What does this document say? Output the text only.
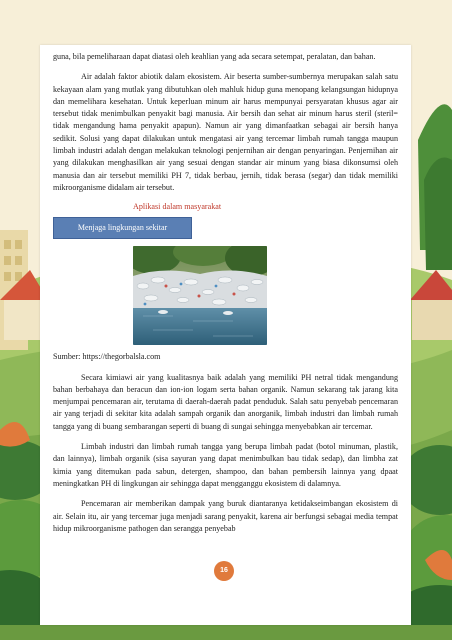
guna, bila pemeliharaan dapat diatasi oleh keahlian yang ada secara setempat, peralatan, dan bahan.

Air adalah faktor abiotik dalam ekosistem. Air beserta sumber-sumbernya merupakan salah satu kekayaan alam yang mutlak yang dibutuhkan oleh mahluk hidup guna menopang kelangsungan hidupnya dan memelihara kesehatan. Untuk keperluan minum air harus mempunyai persyaratan khusus agar air tersebut tidak menimbulkan penyakit bagi manusia. Air bersih dan sehat air minum harus steril (steril= tidak mengandung hama penyakit apapun). Namun air yang dimanfaatkan sebagai air bersih hanya sedikit. Solusi yang dapat dilakukan untuk mengatasi air yang tercemar limbah rumah tangga maupun limbah industri adalah dengan melakukan teknologi penjernihan air dengan penyaringan. Penjernihan air yang dilakukan menghasilkan air yang sesuai dengan standar air minum yang biasa dikonsumsi oleh manusia dan air tersebut memiliki PH 7, tidak berbau, jernih, tidak berasa (segar) dan tidak memiliki mikroorganisme didalam air tersebut.

Aplikasi dalam masyarakat
Menjaga lingkungan sekitar

Sumber: https://thegorbalsla.com

Secara kimiawi air yang kualitasnya baik adalah yang memiliki PH netral tidak mengandung bahan berbahaya dan beracun dan ion-ion logam serta bahan organik. Namun sekarang tak jarang kita menjumpai pencemaran air, terutama di daerah-daerah padat penduduk. Salah satu penyebab pencemaran air yang terjadi di sekitar kita adalah sampah organik dan anorganik, limbah industri dan limbah rumah tangga yang di buang sembarangan seperti di buang di sungai sehingga menyebabkan air tercemar.

Limbah industri dan limbah rumah tangga yang berupa limbah padat (botol minuman, plastik, dan lainnya), limbah organik (sisa sayuran yang dapat menimbulkan bau tidak sedap), dan limbha zat kimia yang ditemukan pada sabun, detergen, shampoo, dan bahan pembersih lainnya yang dpaat meningkatkan PH di lingkungan air sehingga dapat mengganggu ekosistem di dalamnya.

Pencemaran air memberikan dampak yang buruk diantaranya ketidakseimbangan ekosistem di air. Selain itu, air yang tercemar juga menjadi sarang penyakit, karena air berfungsi sebagai media tempat hidup mikroorganisme pathogen dan serangga penyebab

16
